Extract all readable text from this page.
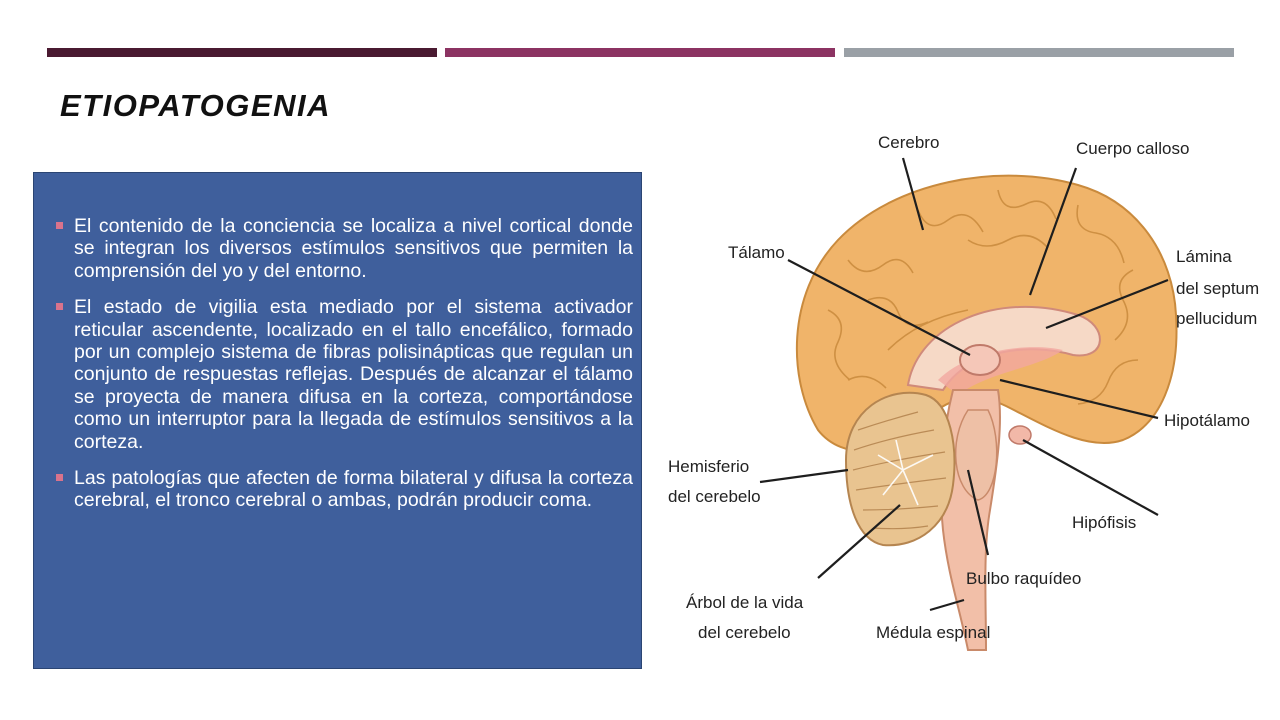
ETIOPATOGENIA
El contenido de la conciencia se localiza a nivel cortical donde se integran los diversos estímulos sensitivos que permiten la comprensión del yo y del entorno.
El estado de vigilia esta mediado por el sistema activador reticular ascendente, localizado en el tallo encefálico, formado por un complejo sistema de fibras polisinápticas que regulan un conjunto de respuestas reflejas. Después de alcanzar el tálamo se proyecta de manera difusa en la corteza, comportándose como un interruptor para la llegada de estímulos sensitivos a la corteza.
Las patologías que afecten de forma bilateral y difusa la corteza cerebral, el tronco cerebral o ambas, podrán producir coma.
Cerebro	Cuerpo calloso
Tálamo	Lámina
del septum
pellucidum
Hipotálamo
Hemisferio
del cerebelo
Hipófisis
Bulbo raquídeo
Árbol de la vida
del cerebelo	Médula espinal
